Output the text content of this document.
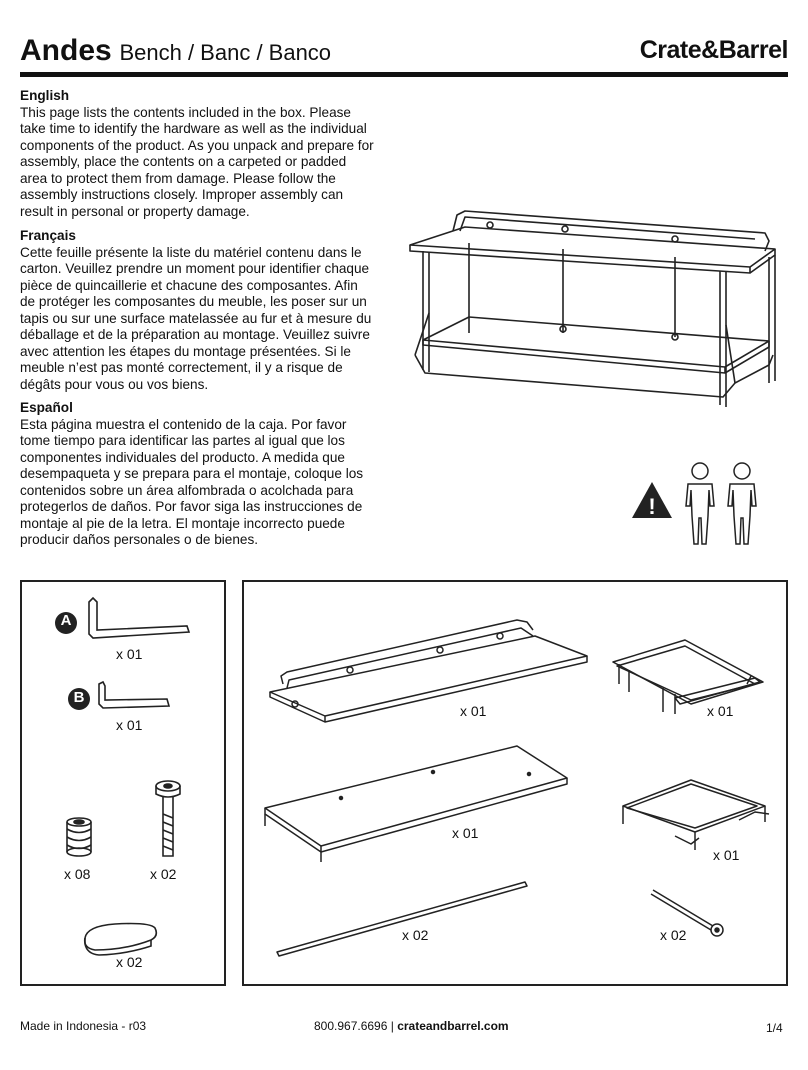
Andes Bench / Banc / Banco	Crate&Barrel
English

This page lists the contents included in the box. Please take time to identify the hardware as well as the individual components of the product. As you unpack and prepare for assembly, place the contents on a carpeted or padded area to protect them from damage. Please follow the assembly instructions closely. Improper assembly can result in personal or property damage.

Français

Cette feuille présente la liste du matériel contenu dans le carton. Veuillez prendre un moment pour identifier chaque pièce de quincaillerie et chacune des composantes. Afin de protéger les composantes du meuble, les poser sur un tapis ou sur une surface matelassée au fur et à mesure du déballage et de la préparation au montage. Veuillez suivre avec attention les étapes du montage présentées. Si le meuble n’est pas monté correctement, il y a risque de dégâts pour vous ou vos biens.

Español

Esta página muestra el contenido de la caja. Por favor tome tiempo para identificar las partes al igual que los componentes individuales del producto. A medida que desempaqueta y se prepara para el montaje, coloque los contenidos sobre un área alfombrada o acolchada para protegerlos de daños. Por favor siga las instrucciones de montaje al pie de la letra. El montaje incorrecto puede producir daños personales o de bienes.

!
A
B
x 01
x 01
x 08	x 02
x 02
x 01	x 01
x 01
x 01
x 02	x 02
Made in Indonesia - r03	800.967.6696 | crateandbarrel.com	1/4
